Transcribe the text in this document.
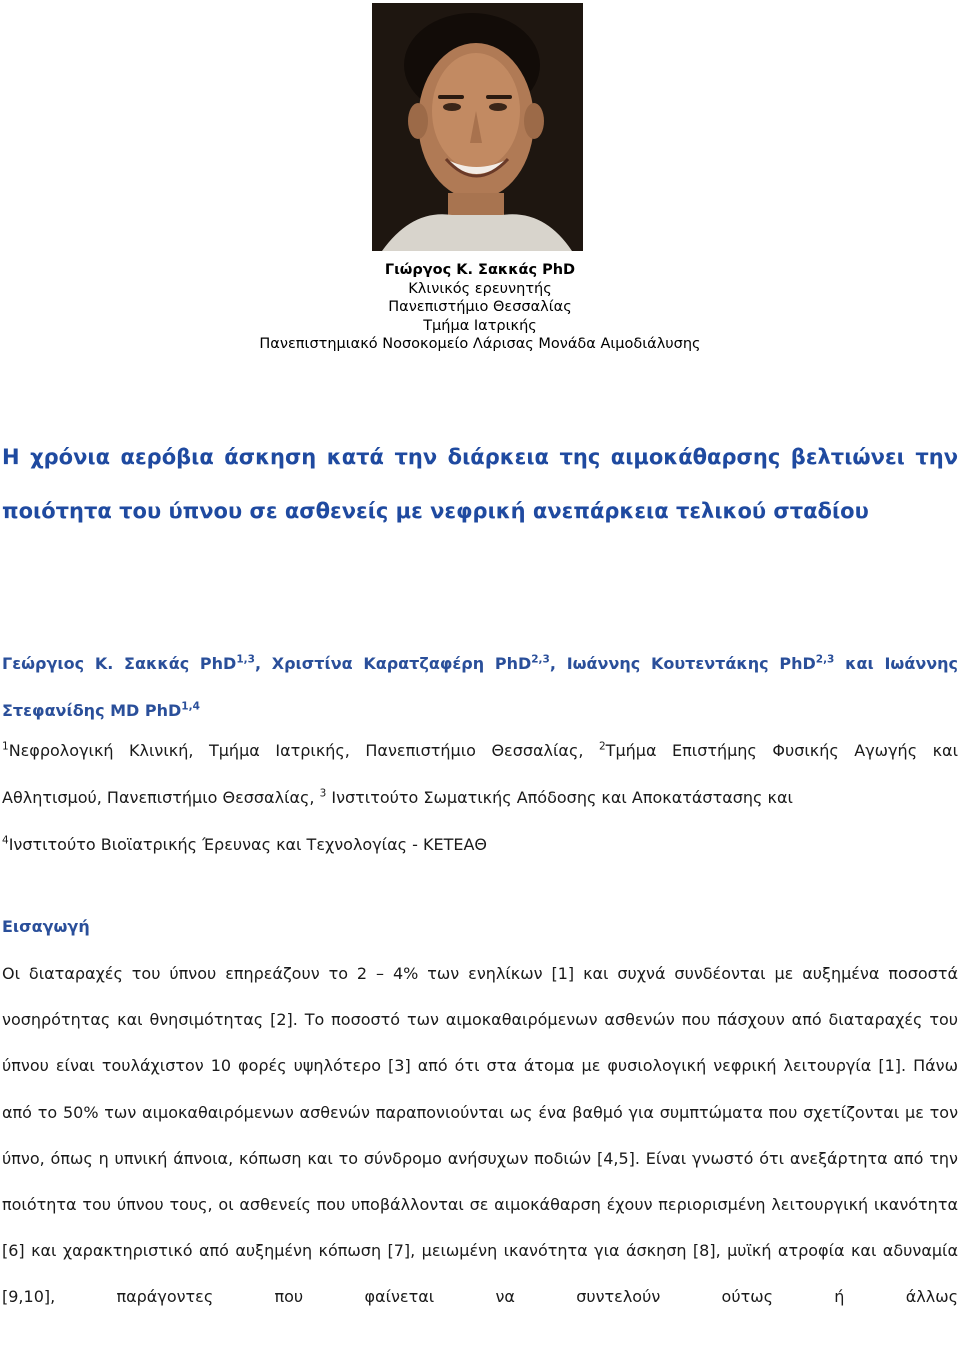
Γιώργος Κ. Σακκάς PhD
Κλινικός ερευνητής
Πανεπιστήμιο Θεσσαλίας
Τμήμα Ιατρικής
Πανεπιστημιακό Νοσοκομείο Λάρισας Μονάδα Αιμοδιάλυσης
Η χρόνια αερόβια άσκηση κατά την διάρκεια της αιμοκάθαρσης βελτιώνει την ποιότητα του ύπνου σε ασθενείς με νεφρική ανεπάρκεια τελικού σταδίου
Γεώργιος Κ. Σακκάς PhD$^{1,3}$, Χριστίνα Καρατζαφέρη PhD$^{2,3}$, Ιωάννης Κουτεντάκης PhD$^{2,3}$ και Ιωάννης Στεφανίδης MD PhD$^{1,4}$
$^1$Νεφρολογική Κλινική, Τμήμα Ιατρικής, Πανεπιστήμιο Θεσσαλίας, $^2$Τμήμα Επιστήμης Φυσικής Αγωγής και Αθλητισμού, Πανεπιστήμιο Θεσσαλίας, $^3$ Ινστιτούτο Σωματικής Απόδοσης και Αποκατάστασης και
$^4$Ινστιτούτο Βιοϊατρικής Έρευνας και Τεχνολογίας - ΚΕΤΕΑΘ
Εισαγωγή
Οι διαταραχές του ύπνου επηρεάζουν το 2 – 4% των ενηλίκων [1] και συχνά συνδέονται με αυξημένα ποσοστά νοσηρότητας και θνησιμότητας [2]. Το ποσοστό των αιμοκαθαιρόμενων ασθενών που πάσχουν από διαταραχές του ύπνου είναι τουλάχιστον 10 φορές υψηλότερο [3] από ότι στα άτομα με φυσιολογική νεφρική λειτουργία [1]. Πάνω από το 50% των αιμοκαθαιρόμενων ασθενών παραπονιούνται ως ένα βαθμό για συμπτώματα που σχετίζονται με τον ύπνο, όπως η υπνική άπνοια, κόπωση και το σύνδρομο ανήσυχων ποδιών [4,5]. Είναι γνωστό ότι ανεξάρτητα από την ποιότητα του ύπνου τους, οι ασθενείς που υποβάλλονται σε αιμοκάθαρση έχουν περιορισμένη λειτουργική ικανότητα [6] και χαρακτηριστικό από αυξημένη κόπωση [7], μειωμένη ικανότητα για άσκηση [8], μυϊκή ατροφία και αδυναμία [9,10], παράγοντες που φαίνεται να συντελούν ούτως ή άλλως
